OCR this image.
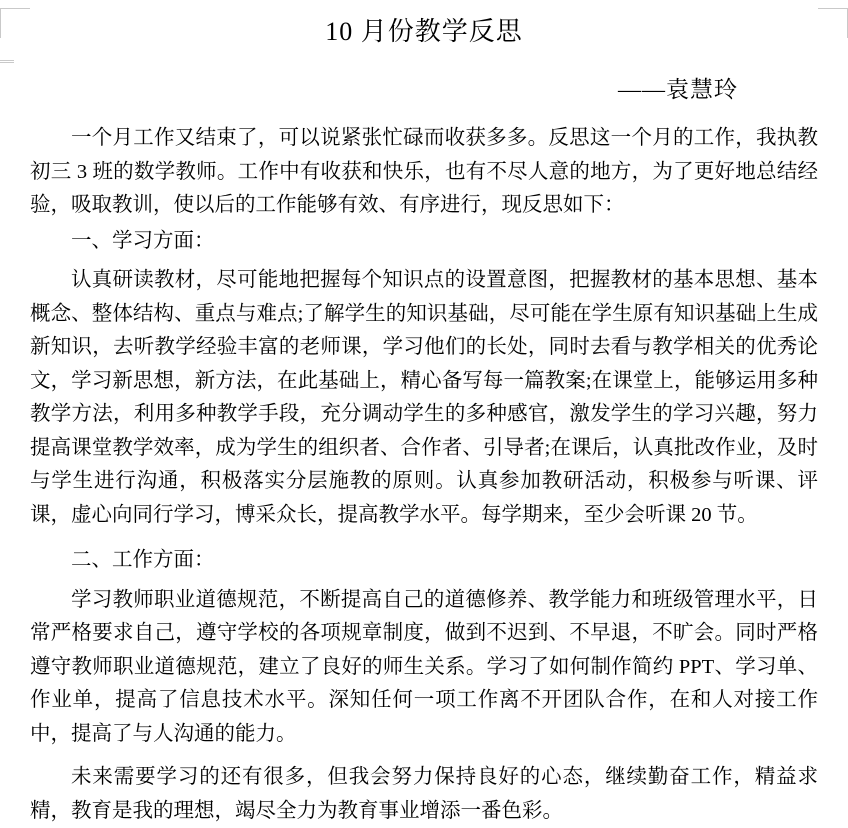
10 月份教学反思
——袁慧玲

一个月工作又结束了，可以说紧张忙碌而收获多多。反思这一个月的工作，我执教初三 3 班的数学教师。工作中有收获和快乐，也有不尽人意的地方，为了更好地总结经验，吸取教训，使以后的工作能够有效、有序进行，现反思如下：

一、学习方面：

认真研读教材，尽可能地把握每个知识点的设置意图，把握教材的基本思想、基本概念、整体结构、重点与难点;了解学生的知识基础，尽可能在学生原有知识基础上生成新知识，去听教学经验丰富的老师课，学习他们的长处，同时去看与教学相关的优秀论文，学习新思想，新方法，在此基础上，精心备写每一篇教案;在课堂上，能够运用多种教学方法，利用多种教学手段，充分调动学生的多种感官，激发学生的学习兴趣，努力提高课堂教学效率，成为学生的组织者、合作者、引导者;在课后，认真批改作业，及时与学生进行沟通，积极落实分层施教的原则。认真参加教研活动，积极参与听课、评课，虚心向同行学习，博采众长，提高教学水平。每学期来，至少会听课 20 节。

二、工作方面：

学习教师职业道德规范，不断提高自己的道德修养、教学能力和班级管理水平，日常严格要求自己，遵守学校的各项规章制度，做到不迟到、不早退，不旷会。同时严格遵守教师职业道德规范，建立了良好的师生关系。学习了如何制作简约 PPT、学习单、作业单，提高了信息技术水平。深知任何一项工作离不开团队合作，在和人对接工作中，提高了与人沟通的能力。

未来需要学习的还有很多，但我会努力保持良好的心态，继续勤奋工作，精益求精，教育是我的理想，竭尽全力为教育事业增添一番色彩。
